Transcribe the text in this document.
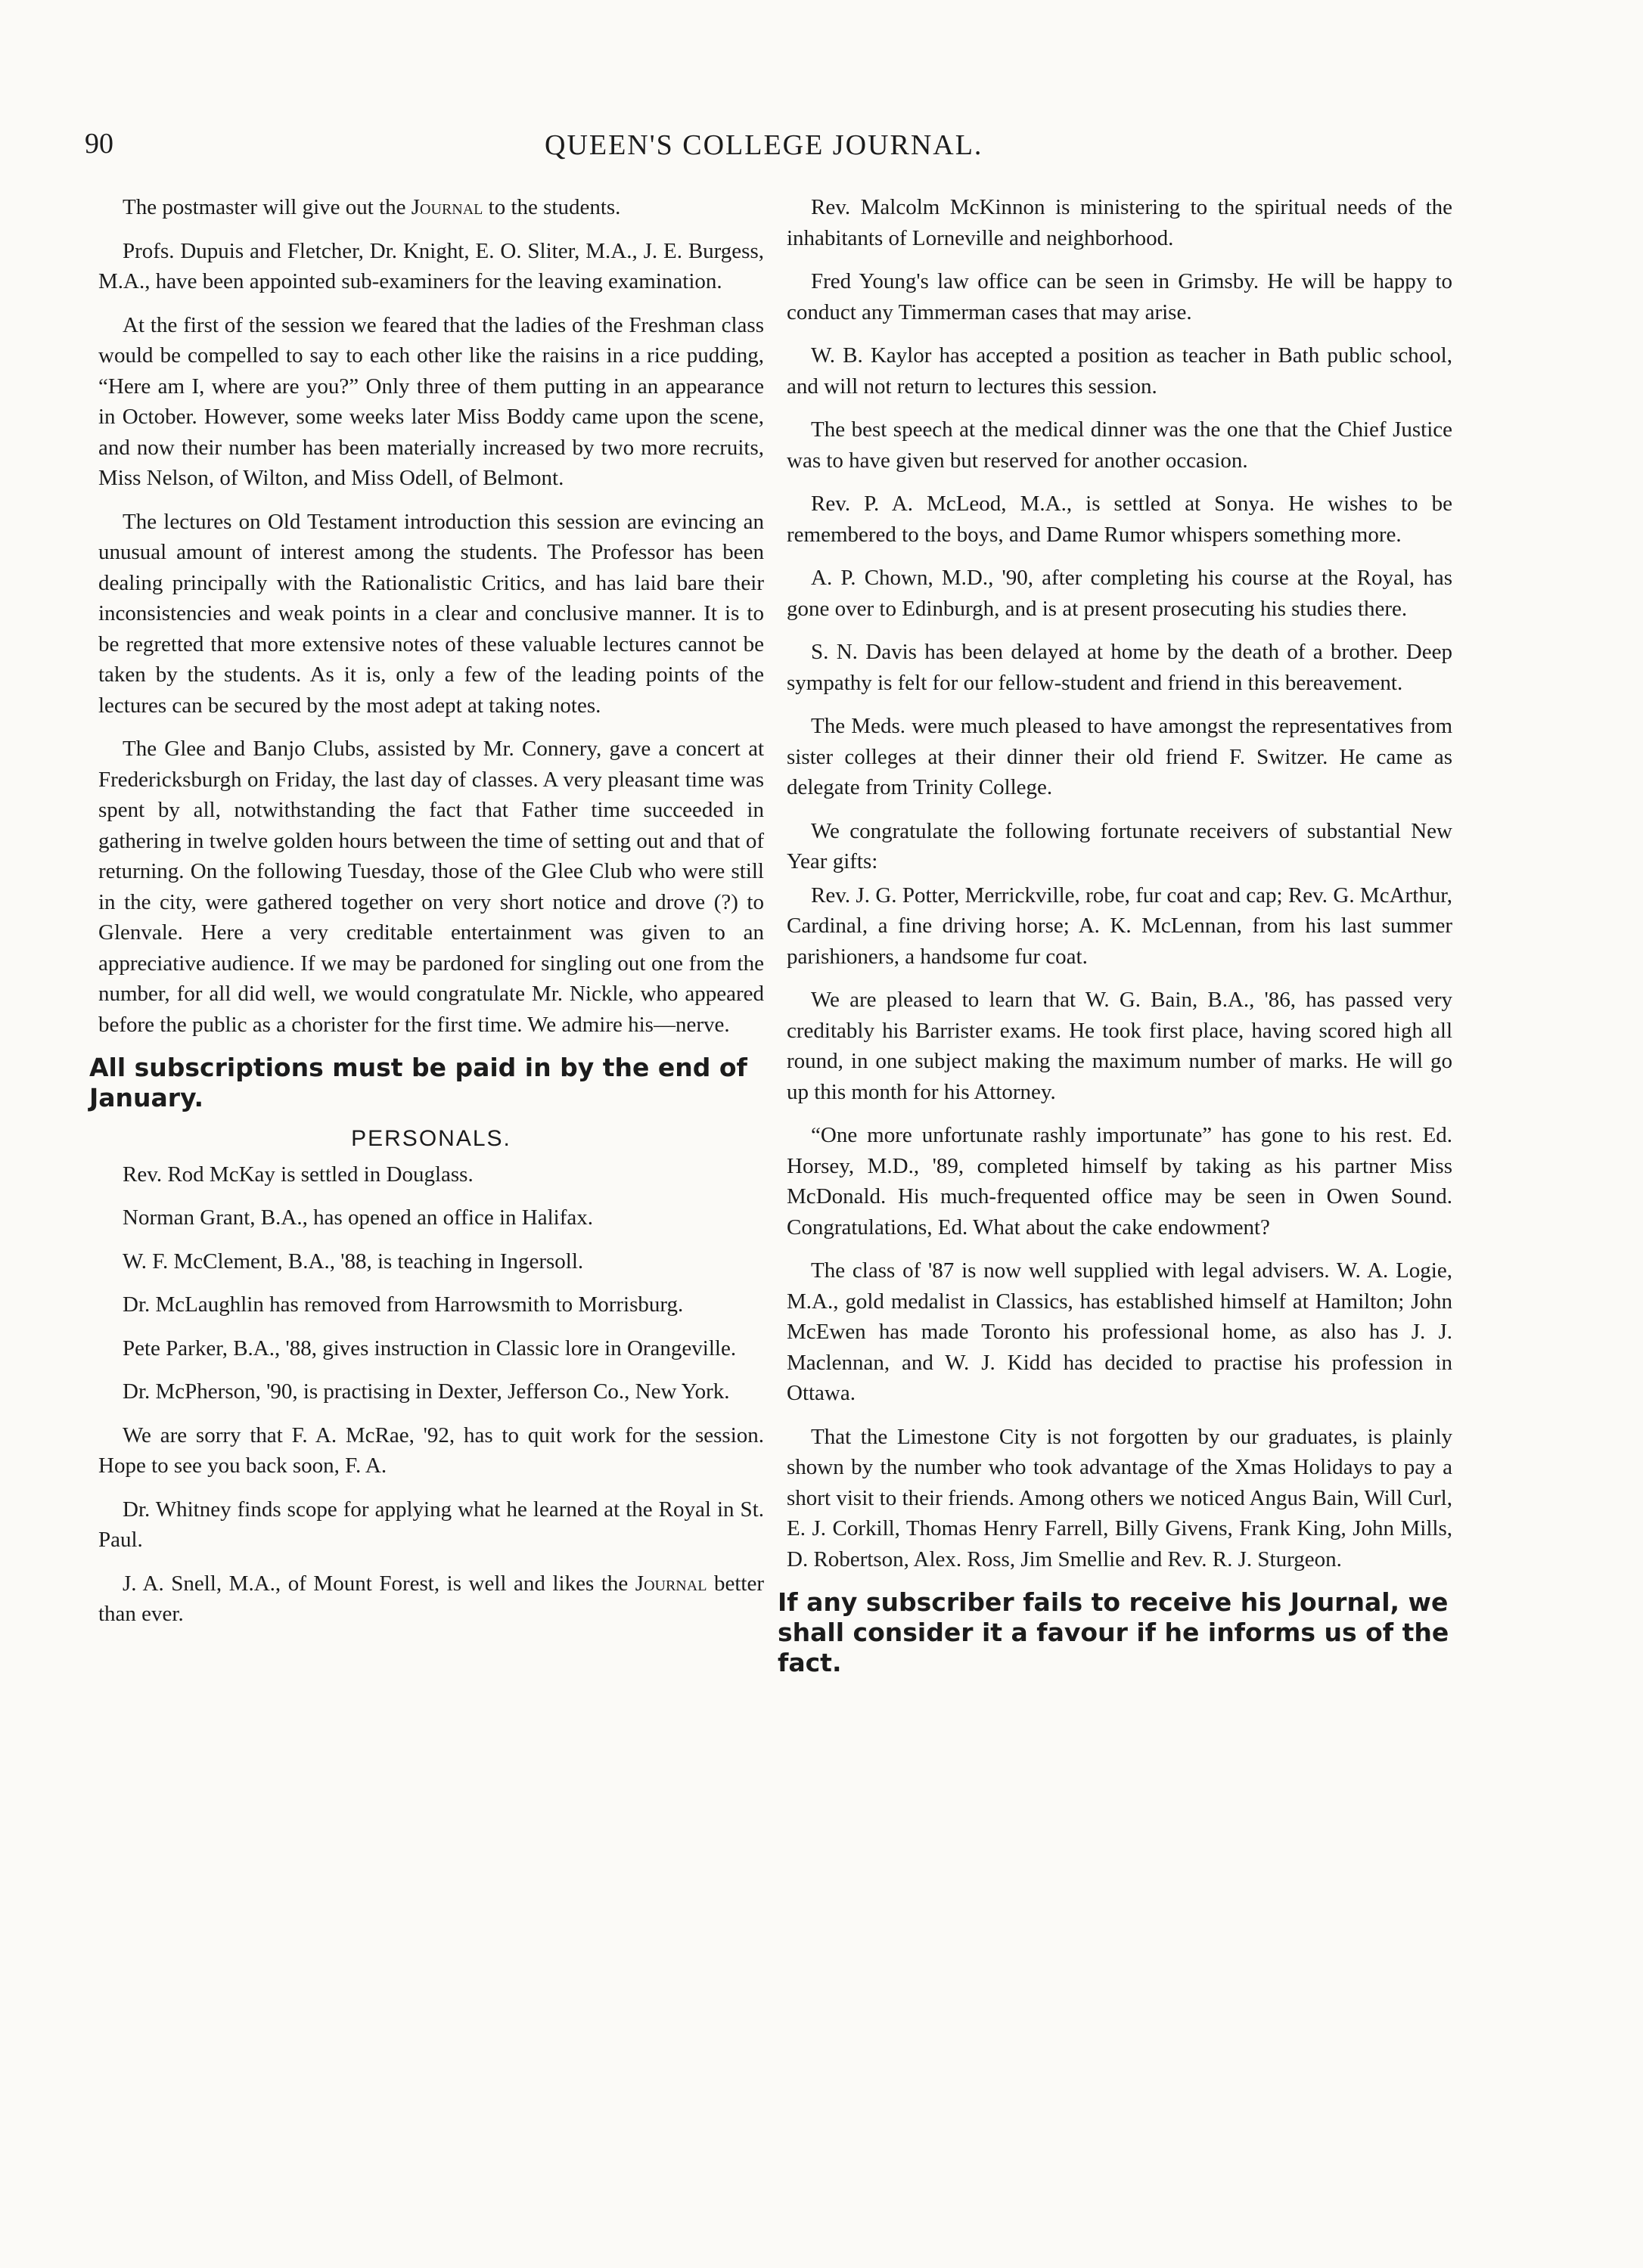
90	QUEEN'S COLLEGE JOURNAL.

The postmaster will give out the Journal to the students.

Profs. Dupuis and Fletcher, Dr. Knight, E. O. Sliter, M.A., J. E. Burgess, M.A., have been appointed sub-examiners for the leaving examination.

At the first of the session we feared that the ladies of the Freshman class would be compelled to say to each other like the raisins in a rice pudding, “Here am I, where are you?” Only three of them putting in an appearance in October. However, some weeks later Miss Boddy came upon the scene, and now their number has been materially increased by two more recruits, Miss Nelson, of Wilton, and Miss Odell, of Belmont.

The lectures on Old Testament introduction this session are evincing an unusual amount of interest among the students. The Professor has been dealing principally with the Rationalistic Critics, and has laid bare their inconsistencies and weak points in a clear and conclusive manner. It is to be regretted that more extensive notes of these valuable lectures cannot be taken by the students. As it is, only a few of the leading points of the lectures can be secured by the most adept at taking notes.

The Glee and Banjo Clubs, assisted by Mr. Connery, gave a concert at Fredericksburgh on Friday, the last day of classes. A very pleasant time was spent by all, notwithstanding the fact that Father time succeeded in gathering in twelve golden hours between the time of setting out and that of returning. On the following Tuesday, those of the Glee Club who were still in the city, were gathered together on very short notice and drove (?) to Glenvale. Here a very creditable entertainment was given to an appreciative audience. If we may be pardoned for singling out one from the number, for all did well, we would congratulate Mr. Nickle, who appeared before the public as a chorister for the first time. We admire his—nerve.

All subscriptions must be paid in by the end of January.
PERSONALS.

Rev. Rod McKay is settled in Douglass.

Norman Grant, B.A., has opened an office in Halifax.

W. F. McClement, B.A., '88, is teaching in Ingersoll.

Dr. McLaughlin has removed from Harrowsmith to Morrisburg.

Pete Parker, B.A., '88, gives instruction in Classic lore in Orangeville.

Dr. McPherson, '90, is practising in Dexter, Jefferson Co., New York.

We are sorry that F. A. McRae, '92, has to quit work for the session. Hope to see you back soon, F. A.

Dr. Whitney finds scope for applying what he learned at the Royal in St. Paul.

J. A. Snell, M.A., of Mount Forest, is well and likes the Journal better than ever.

Rev. Malcolm McKinnon is ministering to the spiritual needs of the inhabitants of Lorneville and neighborhood.

Fred Young's law office can be seen in Grimsby. He will be happy to conduct any Timmerman cases that may arise.

W. B. Kaylor has accepted a position as teacher in Bath public school, and will not return to lectures this session.

The best speech at the medical dinner was the one that the Chief Justice was to have given but reserved for another occasion.

Rev. P. A. McLeod, M.A., is settled at Sonya. He wishes to be remembered to the boys, and Dame Rumor whispers something more.

A. P. Chown, M.D., '90, after completing his course at the Royal, has gone over to Edinburgh, and is at present prosecuting his studies there.

S. N. Davis has been delayed at home by the death of a brother. Deep sympathy is felt for our fellow-student and friend in this bereavement.

The Meds. were much pleased to have amongst the representatives from sister colleges at their dinner their old friend F. Switzer. He came as delegate from Trinity College.

We congratulate the following fortunate receivers of substantial New Year gifts:

Rev. J. G. Potter, Merrickville, robe, fur coat and cap; Rev. G. McArthur, Cardinal, a fine driving horse; A. K. McLennan, from his last summer parishioners, a handsome fur coat.

We are pleased to learn that W. G. Bain, B.A., '86, has passed very creditably his Barrister exams. He took first place, having scored high all round, in one subject making the maximum number of marks. He will go up this month for his Attorney.

“One more unfortunate rashly importunate” has gone to his rest. Ed. Horsey, M.D., '89, completed himself by taking as his partner Miss McDonald. His much-frequented office may be seen in Owen Sound. Congratulations, Ed. What about the cake endowment?

The class of '87 is now well supplied with legal advisers. W. A. Logie, M.A., gold medalist in Classics, has established himself at Hamilton; John McEwen has made Toronto his professional home, as also has J. J. Maclennan, and W. J. Kidd has decided to practise his profession in Ottawa.

That the Limestone City is not forgotten by our graduates, is plainly shown by the number who took advantage of the Xmas Holidays to pay a short visit to their friends. Among others we noticed Angus Bain, Will Curl, E. J. Corkill, Thomas Henry Farrell, Billy Givens, Frank King, John Mills, D. Robertson, Alex. Ross, Jim Smellie and Rev. R. J. Sturgeon.

If any subscriber fails to receive his Journal, we shall consider it a favour if he informs us of the fact.
